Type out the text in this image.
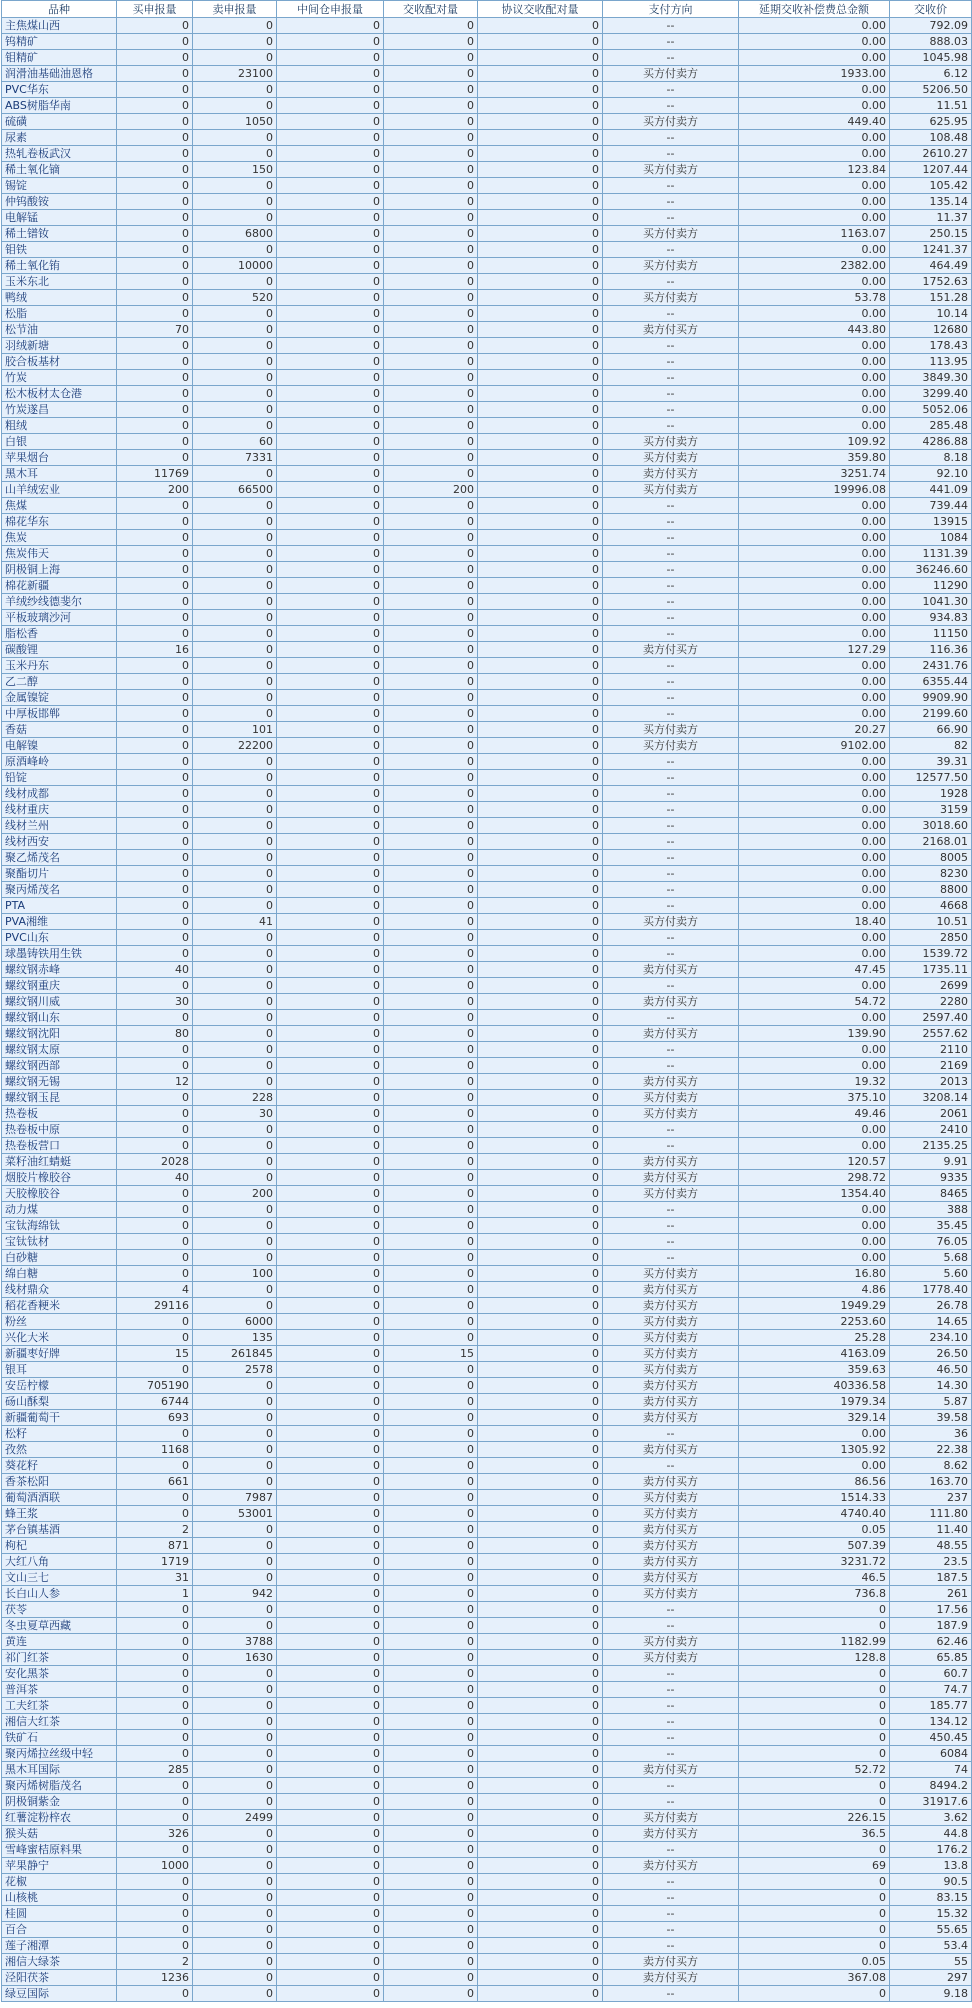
品种	买申报量	卖申报量	中间仓申报量	交收配对量	协议交收配对量	支付方向	延期交收补偿费总金额	交收价
主焦煤山西	0	0	0	0	0	--	0.00	792.09
钨精矿	0	0	0	0	0	--	0.00	888.03
钼精矿	0	0	0	0	0	--	0.00	1045.98
润滑油基础油恩格	0	23100	0	0	0	买方付卖方	1933.00	6.12
PVC华东	0	0	0	0	0	--	0.00	5206.50
ABS树脂华南	0	0	0	0	0	--	0.00	11.51
硫磺	0	1050	0	0	0	买方付卖方	449.40	625.95
尿素	0	0	0	0	0	--	0.00	108.48
热轧卷板武汉	0	0	0	0	0	--	0.00	2610.27
稀土氧化镝	0	150	0	0	0	买方付卖方	123.84	1207.44
锡锭	0	0	0	0	0	--	0.00	105.42
仲钨酸铵	0	0	0	0	0	--	0.00	135.14
电解锰	0	0	0	0	0	--	0.00	11.37
稀土镨钕	0	6800	0	0	0	买方付卖方	1163.07	250.15
钼铁	0	0	0	0	0	--	0.00	1241.37
稀土氧化铕	0	10000	0	0	0	买方付卖方	2382.00	464.49
玉米东北	0	0	0	0	0	--	0.00	1752.63
鸭绒	0	520	0	0	0	买方付卖方	53.78	151.28
松脂	0	0	0	0	0	--	0.00	10.14
松节油	70	0	0	0	0	卖方付买方	443.80	12680
羽绒新塘	0	0	0	0	0	--	0.00	178.43
胶合板基材	0	0	0	0	0	--	0.00	113.95
竹炭	0	0	0	0	0	--	0.00	3849.30
松木板材太仓港	0	0	0	0	0	--	0.00	3299.40
竹炭遂昌	0	0	0	0	0	--	0.00	5052.06
粗绒	0	0	0	0	0	--	0.00	285.48
白银	0	60	0	0	0	买方付卖方	109.92	4286.88
苹果烟台	0	7331	0	0	0	买方付卖方	359.80	8.18
黑木耳	11769	0	0	0	0	卖方付买方	3251.74	92.10
山羊绒宏业	200	66500	0	200	0	买方付卖方	19996.08	441.09
焦煤	0	0	0	0	0	--	0.00	739.44
棉花华东	0	0	0	0	0	--	0.00	13915
焦炭	0	0	0	0	0	--	0.00	1084
焦炭伟天	0	0	0	0	0	--	0.00	1131.39
阴极铜上海	0	0	0	0	0	--	0.00	36246.60
棉花新疆	0	0	0	0	0	--	0.00	11290
羊绒纱线德斐尔	0	0	0	0	0	--	0.00	1041.30
平板玻璃沙河	0	0	0	0	0	--	0.00	934.83
脂松香	0	0	0	0	0	--	0.00	11150
碳酸锂	16	0	0	0	0	卖方付买方	127.29	116.36
玉米丹东	0	0	0	0	0	--	0.00	2431.76
乙二醇	0	0	0	0	0	--	0.00	6355.44
金属镍锭	0	0	0	0	0	--	0.00	9909.90
中厚板邯郸	0	0	0	0	0	--	0.00	2199.60
香菇	0	101	0	0	0	买方付卖方	20.27	66.90
电解镍	0	22200	0	0	0	买方付卖方	9102.00	82
原酒峰岭	0	0	0	0	0	--	0.00	39.31
铅锭	0	0	0	0	0	--	0.00	12577.50
线材成都	0	0	0	0	0	--	0.00	1928
线材重庆	0	0	0	0	0	--	0.00	3159
线材兰州	0	0	0	0	0	--	0.00	3018.60
线材西安	0	0	0	0	0	--	0.00	2168.01
聚乙烯茂名	0	0	0	0	0	--	0.00	8005
聚酯切片	0	0	0	0	0	--	0.00	8230
聚丙烯茂名	0	0	0	0	0	--	0.00	8800
PTA	0	0	0	0	0	--	0.00	4668
PVA湘维	0	41	0	0	0	买方付卖方	18.40	10.51
PVC山东	0	0	0	0	0	--	0.00	2850
球墨铸铁用生铁	0	0	0	0	0	--	0.00	1539.72
螺纹钢赤峰	40	0	0	0	0	卖方付买方	47.45	1735.11
螺纹钢重庆	0	0	0	0	0	--	0.00	2699
螺纹钢川威	30	0	0	0	0	卖方付买方	54.72	2280
螺纹钢山东	0	0	0	0	0	--	0.00	2597.40
螺纹钢沈阳	80	0	0	0	0	卖方付买方	139.90	2557.62
螺纹钢太原	0	0	0	0	0	--	0.00	2110
螺纹钢西部	0	0	0	0	0	--	0.00	2169
螺纹钢无锡	12	0	0	0	0	卖方付买方	19.32	2013
螺纹钢玉昆	0	228	0	0	0	买方付卖方	375.10	3208.14
热卷板	0	30	0	0	0	买方付卖方	49.46	2061
热卷板中原	0	0	0	0	0	--	0.00	2410
热卷板营口	0	0	0	0	0	--	0.00	2135.25
菜籽油红蜻蜓	2028	0	0	0	0	卖方付买方	120.57	9.91
烟胶片橡胶谷	40	0	0	0	0	卖方付买方	298.72	9335
天胶橡胶谷	0	200	0	0	0	买方付卖方	1354.40	8465
动力煤	0	0	0	0	0	--	0.00	388
宝钛海绵钛	0	0	0	0	0	--	0.00	35.45
宝钛钛材	0	0	0	0	0	--	0.00	76.05
白砂糖	0	0	0	0	0	--	0.00	5.68
绵白糖	0	100	0	0	0	买方付卖方	16.80	5.60
线材鼎众	4	0	0	0	0	卖方付买方	4.86	1778.40
稻花香粳米	29116	0	0	0	0	卖方付买方	1949.29	26.78
粉丝	0	6000	0	0	0	买方付卖方	2253.60	14.65
兴化大米	0	135	0	0	0	买方付卖方	25.28	234.10
新疆枣好牌	15	261845	0	15	0	买方付卖方	4163.09	26.50
银耳	0	2578	0	0	0	买方付卖方	359.63	46.50
安岳柠檬	705190	0	0	0	0	卖方付买方	40336.58	14.30
砀山酥梨	6744	0	0	0	0	卖方付买方	1979.34	5.87
新疆葡萄干	693	0	0	0	0	卖方付买方	329.14	39.58
松籽	0	0	0	0	0	--	0.00	36
孜然	1168	0	0	0	0	卖方付买方	1305.92	22.38
葵花籽	0	0	0	0	0	--	0.00	8.62
香茶松阳	661	0	0	0	0	卖方付买方	86.56	163.70
葡萄酒酒联	0	7987	0	0	0	买方付卖方	1514.33	237
蜂王浆	0	53001	0	0	0	买方付卖方	4740.40	111.80
茅台镇基酒	2	0	0	0	0	卖方付买方	0.05	11.40
枸杞	871	0	0	0	0	卖方付买方	507.39	48.55
大红八角	1719	0	0	0	0	卖方付买方	3231.72	23.5
文山三七	31	0	0	0	0	卖方付买方	46.5	187.5
长白山人参	1	942	0	0	0	买方付卖方	736.8	261
茯苓	0	0	0	0	0	--	0	17.56
冬虫夏草西藏	0	0	0	0	0	--	0	187.9
黄连	0	3788	0	0	0	买方付卖方	1182.99	62.46
祁门红茶	0	1630	0	0	0	买方付卖方	128.8	65.85
安化黑茶	0	0	0	0	0	--	0	60.7
普洱茶	0	0	0	0	0	--	0	74.7
工夫红茶	0	0	0	0	0	--	0	185.77
湘信大红茶	0	0	0	0	0	--	0	134.12
铁矿石	0	0	0	0	0	--	0	450.45
聚丙烯拉丝级中轻	0	0	0	0	0	--	0	6084
黑木耳国际	285	0	0	0	0	卖方付买方	52.72	74
聚丙烯树脂茂名	0	0	0	0	0	--	0	8494.2
阴极铜紫金	0	0	0	0	0	--	0	31917.6
红薯淀粉梓农	0	2499	0	0	0	买方付卖方	226.15	3.62
猴头菇	326	0	0	0	0	卖方付买方	36.5	44.8
雪峰蜜桔原料果	0	0	0	0	0	--	0	176.2
苹果静宁	1000	0	0	0	0	卖方付买方	69	13.8
花椒	0	0	0	0	0	--	0	90.5
山核桃	0	0	0	0	0	--	0	83.15
桂圆	0	0	0	0	0	--	0	15.32
百合	0	0	0	0	0	--	0	55.65
莲子湘潭	0	0	0	0	0	--	0	53.4
湘信大绿茶	2	0	0	0	0	卖方付买方	0.05	55
泾阳茯茶	1236	0	0	0	0	卖方付买方	367.08	297
绿豆国际	0	0	0	0	0	--	0	9.18
